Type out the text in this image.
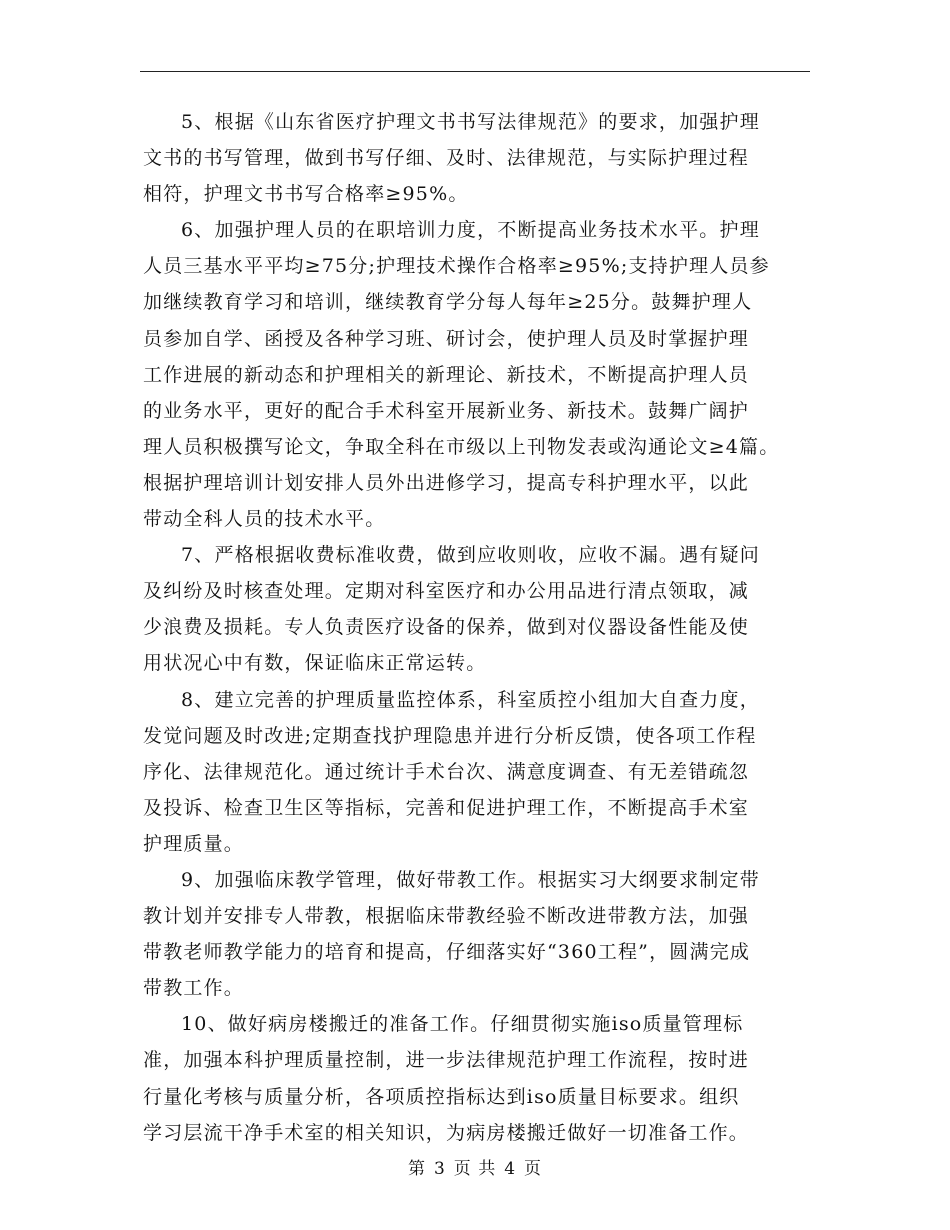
5、根据《山东省医疗护理文书书写法律规范》的要求，加强护理
文书的书写管理，做到书写仔细、及时、法律规范，与实际护理过程
相符，护理文书书写合格率≥95%。

6、加强护理人员的在职培训力度，不断提高业务技术水平。护理
人员三基水平平均≥75分;护理技术操作合格率≥95%;支持护理人员参
加继续教育学习和培训，继续教育学分每人每年≥25分。鼓舞护理人
员参加自学、函授及各种学习班、研讨会，使护理人员及时掌握护理
工作进展的新动态和护理相关的新理论、新技术，不断提高护理人员
的业务水平，更好的配合手术科室开展新业务、新技术。鼓舞广阔护
理人员积极撰写论文，争取全科在市级以上刊物发表或沟通论文≥4篇。
根据护理培训计划安排人员外出进修学习，提高专科护理水平，以此
带动全科人员的技术水平。

7、严格根据收费标准收费，做到应收则收，应收不漏。遇有疑问
及纠纷及时核查处理。定期对科室医疗和办公用品进行清点领取，减
少浪费及损耗。专人负责医疗设备的保养，做到对仪器设备性能及使
用状况心中有数，保证临床正常运转。

8、建立完善的护理质量监控体系，科室质控小组加大自查力度，
发觉问题及时改进;定期查找护理隐患并进行分析反馈，使各项工作程
序化、法律规范化。通过统计手术台次、满意度调查、有无差错疏忽
及投诉、检查卫生区等指标，完善和促进护理工作，不断提高手术室
护理质量。

9、加强临床教学管理，做好带教工作。根据实习大纲要求制定带
教计划并安排专人带教，根据临床带教经验不断改进带教方法，加强
带教老师教学能力的培育和提高，仔细落实好“360工程”，圆满完成
带教工作。

10、做好病房楼搬迁的准备工作。仔细贯彻实施iso质量管理标
准，加强本科护理质量控制，进一步法律规范护理工作流程，按时进
行量化考核与质量分析，各项质控指标达到iso质量目标要求。组织
学习层流干净手术室的相关知识，为病房楼搬迁做好一切准备工作。

第 3 页 共 4 页
